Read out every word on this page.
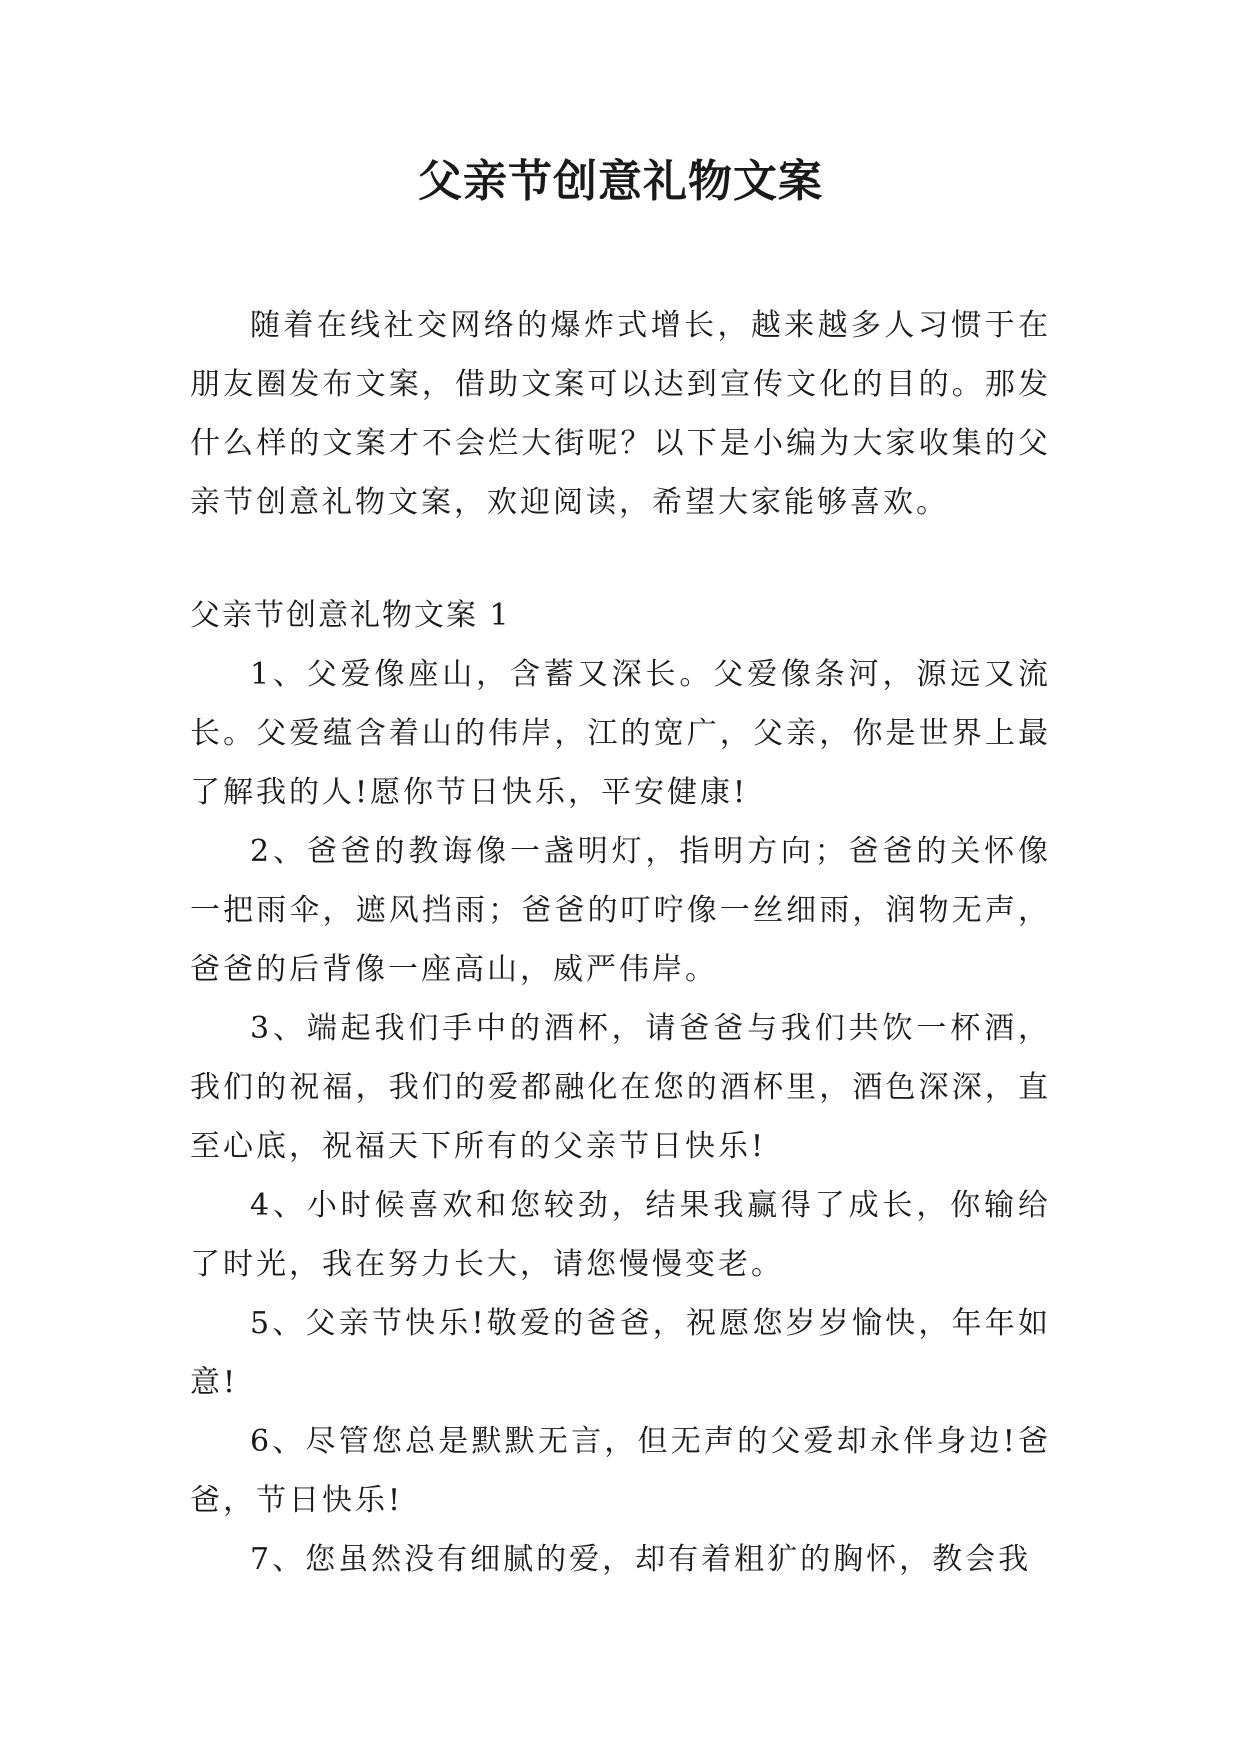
父亲节创意礼物文案

随着在线社交网络的爆炸式增长，越来越多人习惯于在朋友圈发布文案，借助文案可以达到宣传文化的目的。那发什么样的文案才不会烂大街呢？以下是小编为大家收集的父亲节创意礼物文案，欢迎阅读，希望大家能够喜欢。

父亲节创意礼物文案 1

1、父爱像座山，含蓄又深长。父爱像条河，源远又流长。父爱蕴含着山的伟岸，江的宽广，父亲，你是世界上最了解我的人!愿你节日快乐，平安健康!

2、爸爸的教诲像一盏明灯，指明方向；爸爸的关怀像一把雨伞，遮风挡雨；爸爸的叮咛像一丝细雨，润物无声，爸爸的后背像一座高山，威严伟岸。

3、端起我们手中的酒杯，请爸爸与我们共饮一杯酒，我们的祝福，我们的爱都融化在您的酒杯里，酒色深深，直至心底，祝福天下所有的父亲节日快乐!

4、小时候喜欢和您较劲，结果我赢得了成长，你输给了时光，我在努力长大，请您慢慢变老。

5、父亲节快乐!敬爱的爸爸，祝愿您岁岁愉快，年年如意!

6、尽管您总是默默无言，但无声的父爱却永伴身边!爸爸，节日快乐!

7、您虽然没有细腻的爱，却有着粗犷的胸怀，教会我
